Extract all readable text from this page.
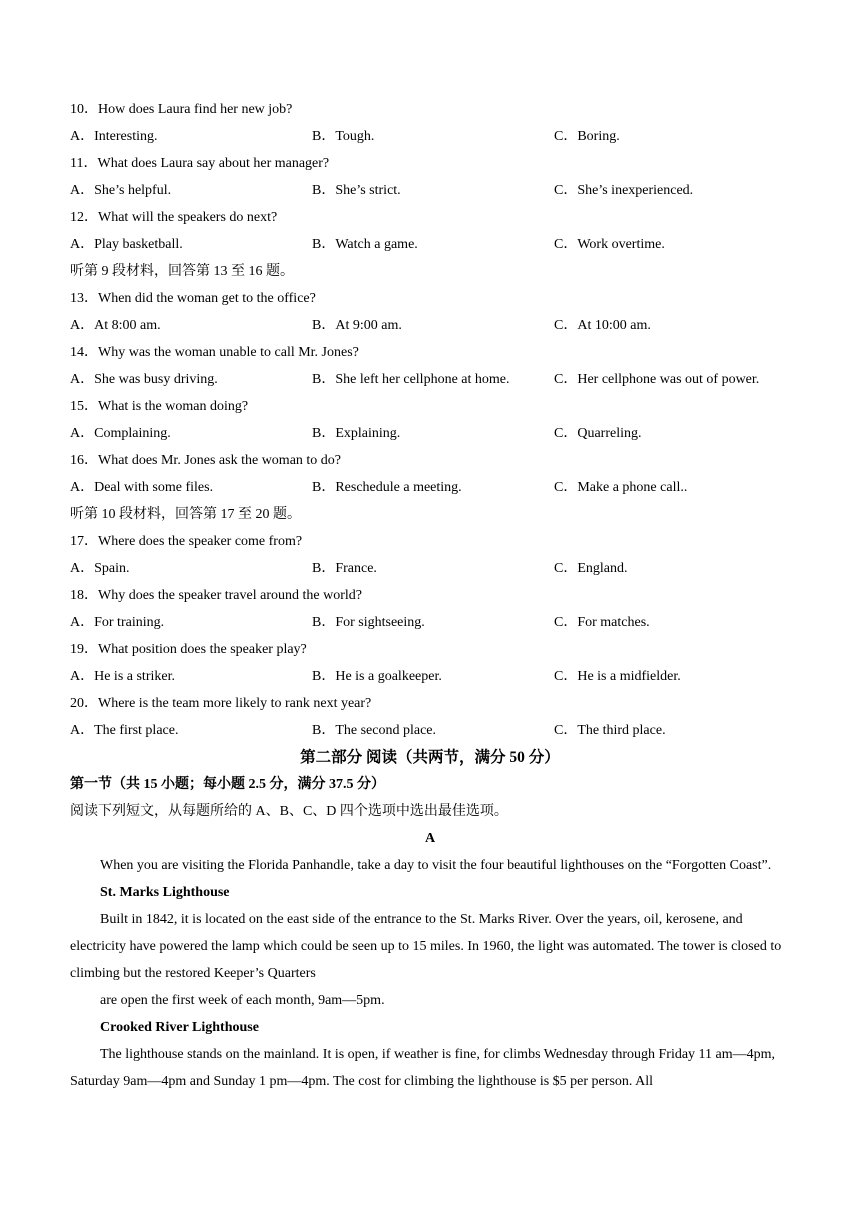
10．How does Laura find her new job?
A．Interesting.	B．Tough.	C．Boring.
11．What does Laura say about her manager?
A．She’s helpful.	B．She’s strict.	C．She’s inexperienced.
12．What will the speakers do next?
A．Play basketball.	B．Watch a game.	C．Work overtime.
听第 9 段材料，回答第 13 至 16 题。
13．When did the woman get to the office?
A．At 8:00 am.	B．At 9:00 am.	C．At 10:00 am.
14．Why was the woman unable to call Mr. Jones?
A．She was busy driving.	B．She left her cellphone at home.	C．Her cellphone was out of power.
15．What is the woman doing?
A．Complaining.	B．Explaining.	C．Quarreling.
16．What does Mr. Jones ask the woman to do?
A．Deal with some files.	B．Reschedule a meeting.	C．Make a phone call..
听第 10 段材料，回答第 17 至 20 题。
17．Where does the speaker come from?
A．Spain.	B．France.	C．England.
18．Why does the speaker travel around the world?
A．For training.	B．For sightseeing.	C．For matches.
19．What position does the speaker play?
A．He is a striker.	B．He is a goalkeeper.	C．He is a midfielder.
20．Where is the team more likely to rank next year?
A．The first place.	B．The second place.	C．The third place.
第二部分 阅读（共两节，满分 50 分）
第一节（共 15 小题；每小题 2.5 分，满分 37.5 分）
阅读下列短文，从每题所给的 A、B、C、D 四个选项中选出最佳选项。
A
When you are visiting the Florida Panhandle, take a day to visit the four beautiful lighthouses on the “Forgotten Coast”.
St. Marks Lighthouse
Built in 1842, it is located on the east side of the entrance to the St. Marks River. Over the years, oil, kerosene, and electricity have powered the lamp which could be seen up to 15 miles. In 1960, the light was automated. The tower is closed to climbing but the restored Keeper’s Quarters
are open the first week of each month, 9am—5pm.
Crooked River Lighthouse
The lighthouse stands on the mainland. It is open, if weather is fine, for climbs Wednesday through Friday 11 am—4pm, Saturday 9am—4pm and Sunday 1 pm—4pm. The cost for climbing the lighthouse is $5 per person. All
